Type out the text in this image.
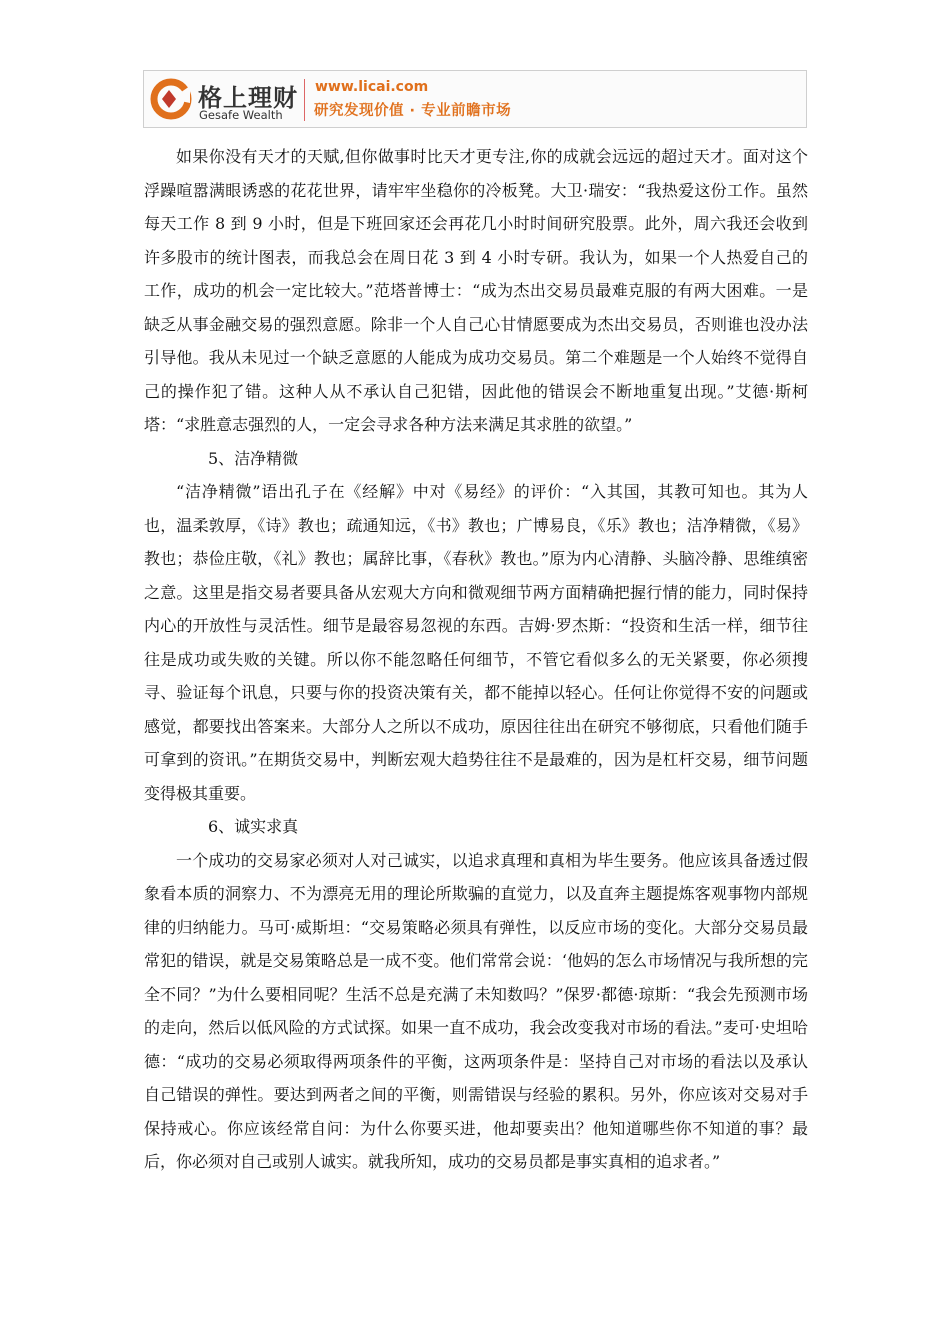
格上理财
Gesafe Wealth
www.licai.com
研究发现价值 · 专业前瞻市场

如果你没有天才的天赋,但你做事时比天才更专注,你的成就会远远的超过天才。面对这个浮躁喧嚣满眼诱惑的花花世界，请牢牢坐稳你的冷板凳。大卫·瑞安：“我热爱这份工作。虽然每天工作 8 到 9 小时，但是下班回家还会再花几小时时间研究股票。此外，周六我还会收到许多股市的统计图表，而我总会在周日花 3 到 4 小时专研。我认为，如果一个人热爱自己的工作，成功的机会一定比较大。”范塔普博士：“成为杰出交易员最难克服的有两大困难。一是缺乏从事金融交易的强烈意愿。除非一个人自己心甘情愿要成为杰出交易员，否则谁也没办法引导他。我从未见过一个缺乏意愿的人能成为成功交易员。第二个难题是一个人始终不觉得自己的操作犯了错。这种人从不承认自己犯错，因此他的错误会不断地重复出现。”艾德·斯柯塔：“求胜意志强烈的人，一定会寻求各种方法来满足其求胜的欲望。”

5、洁净精微

“洁净精微”语出孔子在《经解》中对《易经》的评价：“入其国，其教可知也。其为人也，温柔敦厚，《诗》教也；疏通知远，《书》教也；广博易良，《乐》教也；洁净精微，《易》教也；恭俭庄敬，《礼》教也；属辞比事，《春秋》教也。”原为内心清静、头脑冷静、思维缜密之意。这里是指交易者要具备从宏观大方向和微观细节两方面精确把握行情的能力，同时保持内心的开放性与灵活性。细节是最容易忽视的东西。吉姆·罗杰斯：“投资和生活一样，细节往往是成功或失败的关键。所以你不能忽略任何细节，不管它看似多么的无关紧要，你必须搜寻、验证每个讯息，只要与你的投资决策有关，都不能掉以轻心。任何让你觉得不安的问题或感觉，都要找出答案来。大部分人之所以不成功，原因往往出在研究不够彻底，只看他们随手可拿到的资讯。”在期货交易中，判断宏观大趋势往往不是最难的，因为是杠杆交易，细节问题变得极其重要。

6、诚实求真

一个成功的交易家必须对人对己诚实，以追求真理和真相为毕生要务。他应该具备透过假象看本质的洞察力、不为漂亮无用的理论所欺骗的直觉力，以及直奔主题提炼客观事物内部规律的归纳能力。马可·威斯坦：“交易策略必须具有弹性，以反应市场的变化。大部分交易员最常犯的错误，就是交易策略总是一成不变。他们常常会说：‘他妈的怎么市场情况与我所想的完全不同？”为什么要相同呢？生活不总是充满了未知数吗？”保罗·都德·琼斯：“我会先预测市场的走向，然后以低风险的方式试探。如果一直不成功，我会改变我对市场的看法。”麦可·史坦哈德：“成功的交易必须取得两项条件的平衡，这两项条件是：坚持自己对市场的看法以及承认自己错误的弹性。要达到两者之间的平衡，则需错误与经验的累积。另外，你应该对交易对手保持戒心。你应该经常自问：为什么你要买进，他却要卖出？他知道哪些你不知道的事？最后，你必须对自己或别人诚实。就我所知，成功的交易员都是事实真相的追求者。”
